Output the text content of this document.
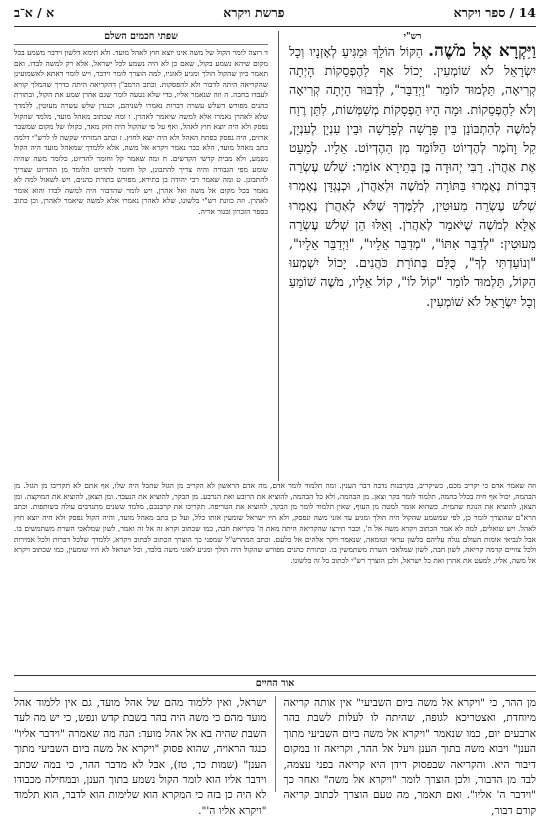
14 / ספר ויקרא
פרשת ויקרא
א / א־ב
רש"י
וַיִּקְרָא אֶל מֹשֶׁה. הַקּוֹל הוֹלֵךְ וּמַגִּיעַ לְאָזְנָיו וְכָל יִשְׂרָאֵל לֹא שׁוֹמְעִין. יָכוֹל אַף לַהֶפְסֵקוֹת הָיְתָה קְרִיאָה, תַּלְמוּד לוֹמַר "וַיְדַבֵּר", לְדִבּוּר הָיְתָה קְרִיאָה וְלֹא לַהֶפְסֵקוֹת. וּמָה הָיוּ הַפְסָקוֹת מְשַׁמְּשׁוֹת, לִתֵּן רֶוַח לְמֹשֶׁה לְהִתְבּוֹנֵן בֵּין פָּרָשָׁה לְפָרָשָׁה וּבֵין עִנְיָן לְעִנְיָן, קַל וָחֹמֶר לְהֶדְיוֹט הַלּוֹמֵד מִן הַהֶדְיוֹט. אֵלָיו. לְמַעֵט אֶת אַהֲרֹן. רַבִּי יְהוּדָה בֶּן בְּתֵירָא אוֹמֵר: שְׁלֹשׁ עֶשְׂרֵה דִּבְּרוֹת נֶאֶמְרוּ בַּתּוֹרָה לְמֹשֶׁה וּלְאַהֲרֹן, וּכְנֶגְדָּן נֶאֶמְרוּ שְׁלֹשׁ עֶשְׂרֵה מִעוּטִין, לְלַמֶּדְךָ שֶׁלֹּא לְאַהֲרֹן נֶאֶמְרוּ אֶלָּא לְמֹשֶׁה שֶׁיֹּאמַר לְאַהֲרֹן. וְאֵלּוּ הֵן שְׁלֹשׁ עֶשְׂרֵה מִעוּטִין: "לְדַבֵּר אִתּוֹ", "מְדַבֵּר אֵלָיו", "וַיְדַבֵּר אֵלָיו", "וְנוֹעַדְתִּי לְךָ", כֻּלָּם בְּתוֹרַת כֹּהֲנִים. יָכוֹל יִשְׁמְעוּ הַקּוֹל, תַּלְמוּד לוֹמַר "קוֹל לוֹ", קוֹל אֵלָיו, מֹשֶׁה שׁוֹמֵעַ וְכָל יִשְׂרָאֵל לֹא שׁוֹמְעִין.
שפתי חכמים השלם
ד רוצה לומר הקול של משה אינו יוצא חוץ לאהל מועד. ולא תימא דלשון וידבר משמע בכל מקום שיהא נשמע בקול, שאם כן לא היה נשמע לכל ישראל, אלא רק למשה לבדו. ואם תאמר כיון שהקול הולך ומגיע לאזניו, למה הוצרך לומר וידבר, ויש לומר דאתא לאשמועינן שהקריאה היתה לדבור ולא להפסקות. וכתב הרמב"ן דהקריאה היתה כדרך שהמלך קורא לעבדו בחבה. ה וזה שנאמר אליו, כדי שלא נטעה לומר שגם אהרן שמע את הקול, ובתורת כהנים מפורש דשלש עשרה דברות נאמרו לשניהם, וכנגדן שלש עשרה מעוטין, ללמדך שלא לאהרן נאמרו אלא למשה שיאמר לאהרן. ו ומה שכתוב מאהל מועד, מלמד שהקול נפסק ולא היה יוצא חוץ לאהל, ואף על פי שהקול היה חזק מאד, כקולו של מקום שמשבר ארזים, היה נפסק בפתח האהל ולא היה יוצא לחוץ. ז וכתב המזרחי שקשה לו לרש"י דלמה כתב מאהל מועד, הלא כבר נאמר ויקרא אל משה, אלא ללמדך שמאהל מועד היה הקול נשמע, ולא מבית קדשי הקדשים. ח ומה שאמר קל וחומר להדיוט, כלומר משה שהיה שומע מפי הגבורה והיה צריך להתבונן, קל וחומר להדיוט הלומד מן ההדיוט שצריך להתבונן. ט ומה שאמר רבי יהודה בן בתירא, מפורש בתורת כהנים, ויש לשאול למה לא נאמר בכל מקום אל משה ואל אהרן, ויש לומר שהדבור היה למשה לבדו והוא אומר לאהרן. וזה כוונת רש"י בלשונו, שלא לאהרן נאמרו אלא למשה שיאמר לאהרן, וכן כתוב בספר הזכרון ובגור אריה.
וזה שאמר אדם כי יקריב מכם, כשיקריב, בקרבנות נדבה דבר הענין. ומה תלמוד לומר אדם, מה אדם הראשון לא הקריב מן הגזל שהכל היה שלו, אף אתם לא תקריבו מן הגזל. מן הבהמה, יכול אף חיה בכלל בהמה, תלמוד לומר בקר וצאן. מן הבהמה, ולא כל הבהמה, להוציא את הרובע ואת הנרבע. מן הבקר, להוציא את הנעבד. ומן הצאן, להוציא את המוקצה. ומן הצאן, להוציא את הנוגח שהמית. כשהוא אומר למטה מן העוף, שאין תלמוד לומר מן הבקר, להוציא את הטריפה. תקריבו את קרבנכם, מלמד ששנים מתנדבים עולה בשותפות. וכתב הרא"ם שהוצרך לומר כן, לפי שמשמע שהקול היה הולך ומגיע עד אזני משה ונפסק, ולא היו ישראל שומעין אותו כלל, ועל כן כתב מאהל מועד, והיה הקול נפסק ולא היה יוצא חוץ לאהל. ויש שואלים, למה לא אמר הכתוב ויקרא משה אל ה', וכבר תירצו שהקריאה היתה מאת ה' כקריאת חבה, כמו שכתוב וקרא זה אל זה ואמר, לשון שמלאכי השרת משתמשים בו. אבל לנביאי אומות העולם נגלה עליהם בלשון עראי וטומאה, שנאמר ויקר אלהים אל בלעם. וכתב המהרש"ל שמפני כך הוצרך הכתוב לכתוב ויקרא, ללמדך שלכל דברות ולכל אמירות ולכל צוויים קדמה קריאה, לשון חבה, לשון שמלאכי השרת משתמשין בו. ובתורת כהנים מפורש שהקול היה הולך ומגיע לאזני משה בלבד, וכל ישראל לא היו שומעין, כמו שכתוב ויקרא אל משה, אליו, למעט את אהרן ואת כל ישראל, ולכן הוצרך רש"י לכתוב כל זה בלשונו.
אור החיים
מן ההר, כי "ויקרא אל משה ביום השביעי" אין אותה קריאה מיוחדת, ואצטריכא לגופה, שהיתה לו לעלות לשבת בהר ארבעים יום, כמו שנאמר "ויקרא אל משה ביום השביעי מתוך הענן" ויבוא משה בתוך הענן ויעל אל ההר, וקריאה זו במקום דיבור היא. והקריאה שבפסוק דידן היא קריאה בפני עצמה, לבד מן הדבור, ולכן הוצרך לומר "ויקרא אל משה" ואחר כך "וידבר ה' אליו". ואם תאמר, מה טעם הוצרך לכתוב קריאה קודם דבור,
ישראל, ואין ללמוד מהם של אהל מועד, גם אין ללמוד אהל מועד מהם כי משה היה בהר בשבת קדש ונפש, כי יש מה לעד השבת שהיה בא אל אהל מועד: הנה מה שאמרה "וידבר אליו" כנגד הראויה, שהוא פסוק "ויקרא אל משה ביום השביעי מתוך הענן" (שמות כד, טז), אבל לא מדבר ההר, כי במה שכתב וידבר אליו הוא לומר הקול נשמע בתוך הענן, ובמחילה מכבודו לא היה כן בזה כי המקרא הוא שלימות הוא לדבר, הוא תלמוד "ויקרא אליו ה'".
